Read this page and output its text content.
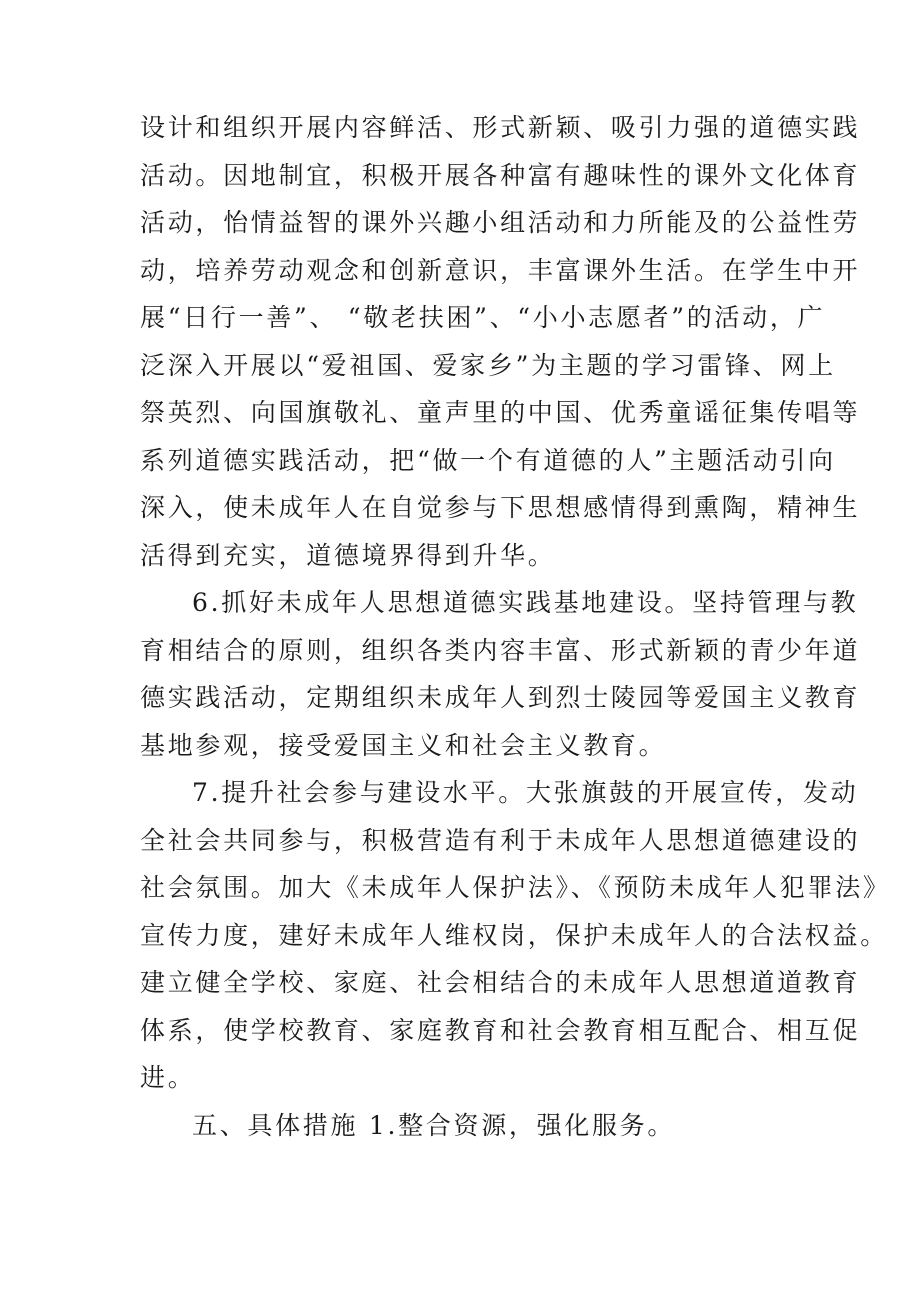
设计和组织开展内容鲜活、形式新颖、吸引力强的道德实践
活动。因地制宜，积极开展各种富有趣味性的课外文化体育
活动，怡情益智的课外兴趣小组活动和力所能及的公益性劳
动，培养劳动观念和创新意识，丰富课外生活。在学生中开
展“日行一善”、 “敬老扶困”、“小小志愿者”的活动，广
泛深入开展以“爱祖国、爱家乡”为主题的学习雷锋、网上
祭英烈、向国旗敬礼、童声里的中国、优秀童谣征集传唱等
系列道德实践活动，把“做一个有道德的人”主题活动引向
深入，使未成年人在自觉参与下思想感情得到熏陶，精神生
活得到充实，道德境界得到升华。
6.抓好未成年人思想道德实践基地建设。坚持管理与教
育相结合的原则，组织各类内容丰富、形式新颖的青少年道
德实践活动，定期组织未成年人到烈士陵园等爱国主义教育
基地参观，接受爱国主义和社会主义教育。
7.提升社会参与建设水平。大张旗鼓的开展宣传，发动
全社会共同参与，积极营造有利于未成年人思想道德建设的
社会氛围。加大《未成年人保护法》、《预防未成年人犯罪法》
宣传力度，建好未成年人维权岗，保护未成年人的合法权益。
建立健全学校、家庭、社会相结合的未成年人思想道道教育
体系，使学校教育、家庭教育和社会教育相互配合、相互促
进。
五、具体措施 1.整合资源，强化服务。
